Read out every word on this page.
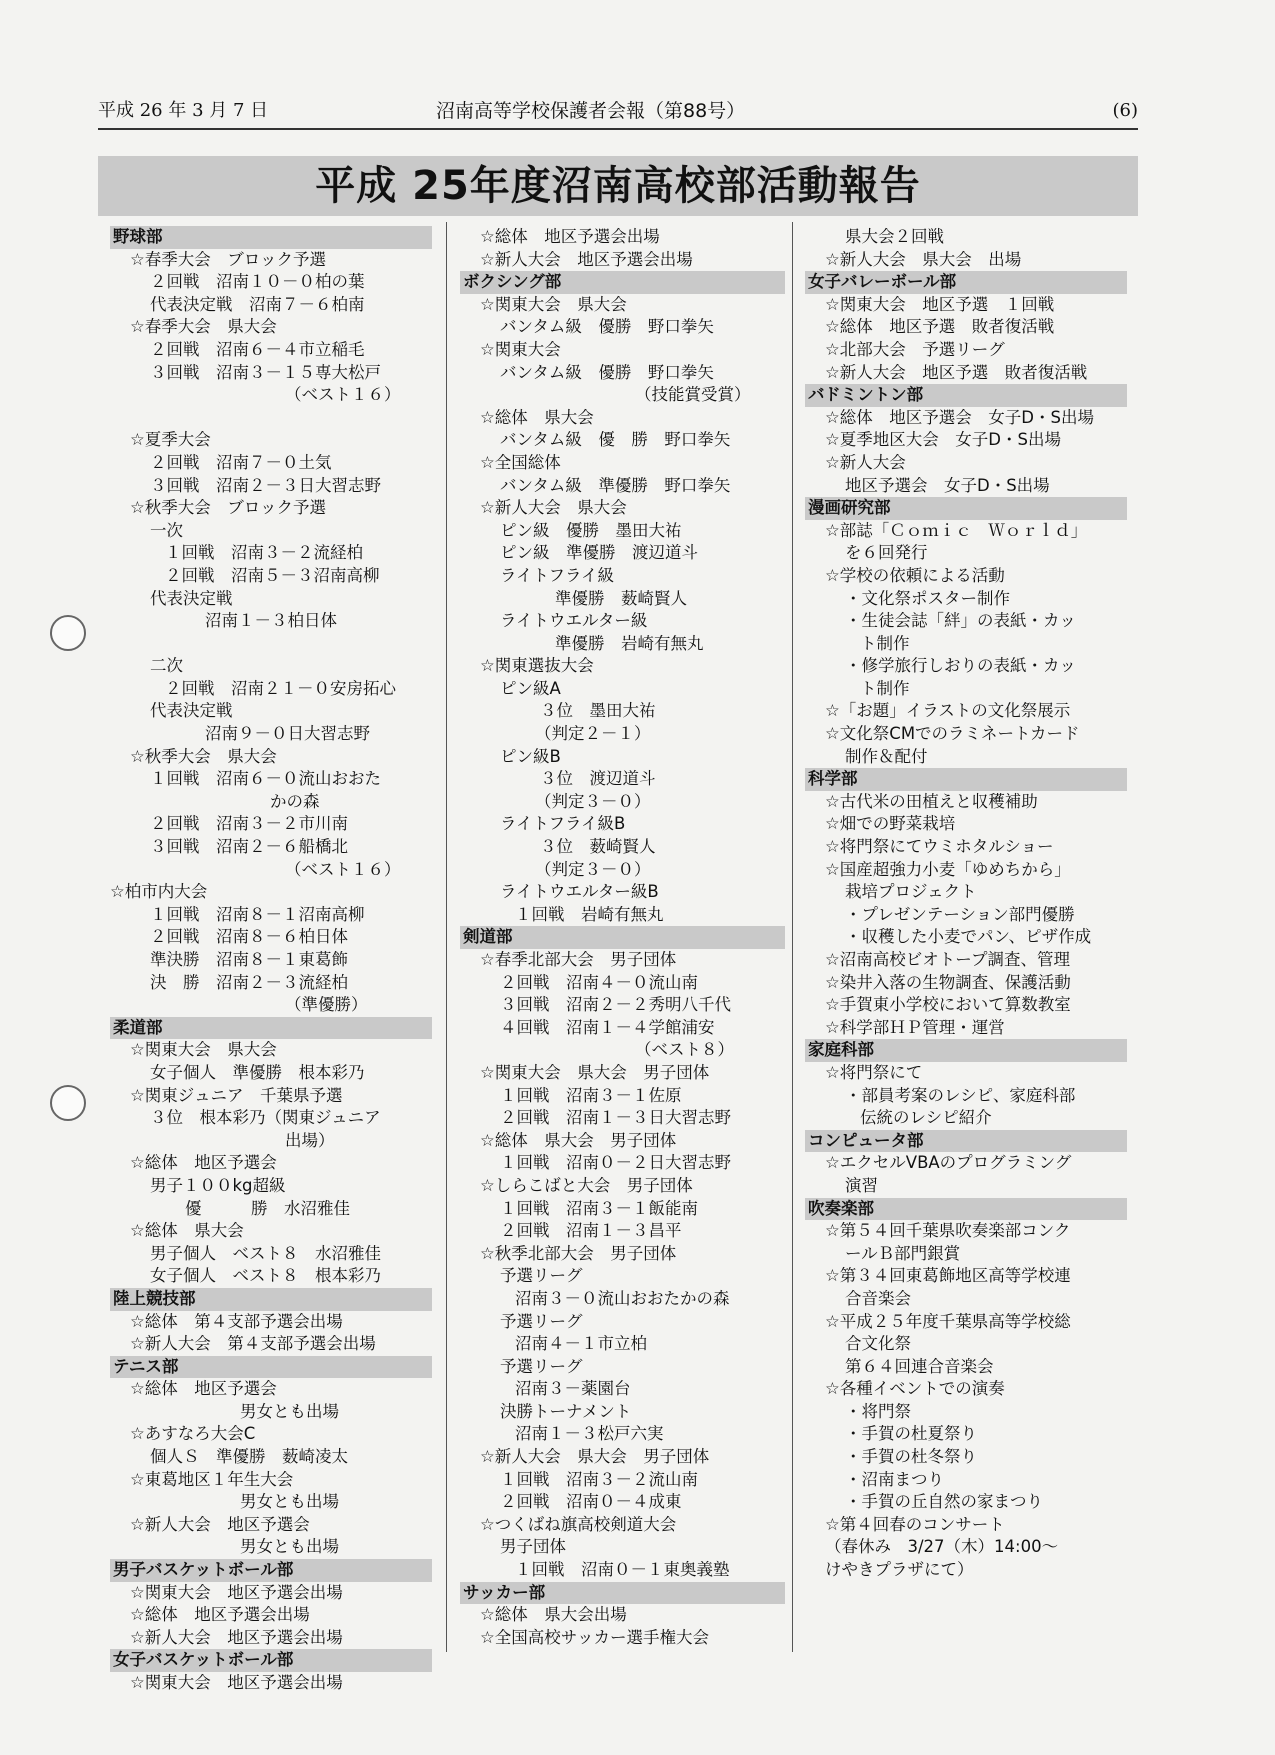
平成 26 年 3 月 7 日	沼南高等学校保護者会報（第88号）	(6)
平成 25年度沼南高校部活動報告
野球部
☆春季大会　ブロック予選
２回戦　沼南１０－０柏の葉
代表決定戦　沼南７－６柏南
☆春季大会　県大会
２回戦　沼南６－４市立稲毛
３回戦　沼南３－１５専大松戸
（ベスト１６）
☆夏季大会
２回戦　沼南７－０土気
３回戦　沼南２－３日大習志野
☆秋季大会　ブロック予選
一次
１回戦　沼南３－２流経柏
２回戦　沼南５－３沼南高柳
代表決定戦
沼南１－３柏日体
二次
２回戦　沼南２１－０安房拓心
代表決定戦
沼南９－０日大習志野
☆秋季大会　県大会
１回戦　沼南６－０流山おおた
かの森
２回戦　沼南３－２市川南
３回戦　沼南２－６船橋北
（ベスト１６）
☆柏市内大会
１回戦　沼南８－１沼南高柳
２回戦　沼南８－６柏日体
準決勝　沼南８－１東葛飾
決　勝　沼南２－３流経柏
（準優勝）
柔道部
☆関東大会　県大会
女子個人　準優勝　根本彩乃
☆関東ジュニア　千葉県予選
３位　根本彩乃（関東ジュニア
出場）
☆総体　地区予選会
男子１００kg超級
優　　　勝　水沼雅佳
☆総体　県大会
男子個人　ベスト８　水沼雅佳
女子個人　ベスト８　根本彩乃
陸上競技部
☆総体　第４支部予選会出場
☆新人大会　第４支部予選会出場
テニス部
☆総体　地区予選会
男女とも出場
☆あすなろ大会C
個人Ｓ　準優勝　薮崎凌太
☆東葛地区１年生大会
男女とも出場
☆新人大会　地区予選会
男女とも出場
男子バスケットボール部
☆関東大会　地区予選会出場
☆総体　地区予選会出場
☆新人大会　地区予選会出場
女子バスケットボール部
☆関東大会　地区予選会出場
☆総体　地区予選会出場
☆新人大会　地区予選会出場
ボクシング部
☆関東大会　県大会
バンタム級　優勝　野口拳矢
☆関東大会
バンタム級　優勝　野口拳矢
（技能賞受賞）
☆総体　県大会
バンタム級　優　勝　野口拳矢
☆全国総体
バンタム級　準優勝　野口拳矢
☆新人大会　県大会
ピン級　優勝　墨田大祐
ピン級　準優勝　渡辺道斗
ライトフライ級
準優勝　薮崎賢人
ライトウエルター級
準優勝　岩崎有無丸
☆関東選抜大会
ピン級A
３位　墨田大祐
（判定２－１）
ピン級B
３位　渡辺道斗
（判定３－０）
ライトフライ級B
３位　薮崎賢人
（判定３－０）
ライトウエルター級B
１回戦　岩崎有無丸
剣道部
☆春季北部大会　男子団体
２回戦　沼南４－０流山南
３回戦　沼南２－２秀明八千代
４回戦　沼南１－４学館浦安
（ベスト８）
☆関東大会　県大会　男子団体
１回戦　沼南３－１佐原
２回戦　沼南１－３日大習志野
☆総体　県大会　男子団体
１回戦　沼南０－２日大習志野
☆しらこばと大会　男子団体
１回戦　沼南３－１飯能南
２回戦　沼南１－３昌平
☆秋季北部大会　男子団体
予選リーグ
沼南３－０流山おおたかの森
予選リーグ
沼南４－１市立柏
予選リーグ
沼南３－薬園台
決勝トーナメント
沼南１－３松戸六実
☆新人大会　県大会　男子団体
１回戦　沼南３－２流山南
２回戦　沼南０－４成東
☆つくばね旗高校剣道大会
男子団体
１回戦　沼南０－１東奥義塾
サッカー部
☆総体　県大会出場
☆全国高校サッカー選手権大会
県大会２回戦
☆新人大会　県大会　出場
女子バレーボール部
☆関東大会　地区予選　１回戦
☆総体　地区予選　敗者復活戦
☆北部大会　予選リーグ
☆新人大会　地区予選　敗者復活戦
バドミントン部
☆総体　地区予選会　女子D・S出場
☆夏季地区大会　女子D・S出場
☆新人大会
地区予選会　女子D・S出場
漫画研究部
☆部誌「Ｃｏｍｉｃ　Ｗｏｒｌｄ」
を６回発行
☆学校の依頼による活動
・文化祭ポスター制作
・生徒会誌「絆」の表紙・カッ
ト制作
・修学旅行しおりの表紙・カッ
ト制作
☆「お題」イラストの文化祭展示
☆文化祭CMでのラミネートカード
制作＆配付
科学部
☆古代米の田植えと収穫補助
☆畑での野菜栽培
☆将門祭にてウミホタルショー
☆国産超強力小麦「ゆめちから」
栽培プロジェクト
・プレゼンテーション部門優勝
・収穫した小麦でパン、ピザ作成
☆沼南高校ビオトープ調査、管理
☆染井入落の生物調査、保護活動
☆手賀東小学校において算数教室
☆科学部ＨＰ管理・運営
家庭科部
☆将門祭にて
・部員考案のレシピ、家庭科部
伝統のレシピ紹介
コンピュータ部
☆エクセルVBAのプログラミング
演習
吹奏楽部
☆第５４回千葉県吹奏楽部コンク
ールＢ部門銀賞
☆第３４回東葛飾地区高等学校連
合音楽会
☆平成２５年度千葉県高等学校総
合文化祭
第６４回連合音楽会
☆各種イベントでの演奏
・将門祭
・手賀の杜夏祭り
・手賀の杜冬祭り
・沼南まつり
・手賀の丘自然の家まつり
☆第４回春のコンサート
（春休み　3/27（木）14:00～
けやきプラザにて）
